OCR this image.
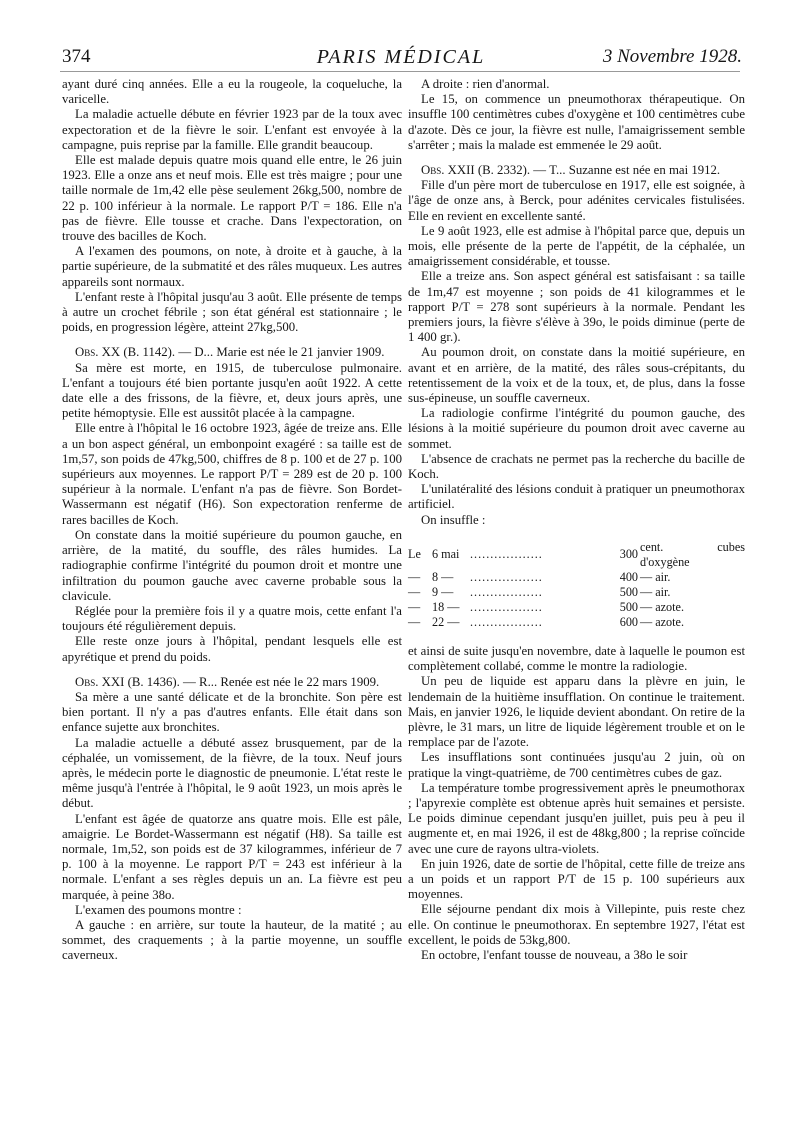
374	PARIS MÉDICAL	3 Novembre 1928.

ayant duré cinq années. Elle a eu la rougeole, la coqueluche, la varicelle.

La maladie actuelle débute en février 1923 par de la toux avec expectoration et de la fièvre le soir. L'enfant est envoyée à la campagne, puis reprise par la famille. Elle grandit beaucoup.

Elle est malade depuis quatre mois quand elle entre, le 26 juin 1923. Elle a onze ans et neuf mois. Elle est très maigre ; pour une taille normale de 1m,42 elle pèse seulement 26kg,500, nombre de 22 p. 100 inférieur à la normale. Le rapport P/T = 186. Elle n'a pas de fièvre. Elle tousse et crache. Dans l'expectoration, on trouve des bacilles de Koch.

A l'examen des poumons, on note, à droite et à gauche, à la partie supérieure, de la submatité et des râles muqueux. Les autres appareils sont normaux.

L'enfant reste à l'hôpital jusqu'au 3 août. Elle présente de temps à autre un crochet fébrile ; son état général est stationnaire ; le poids, en progression légère, atteint 27kg,500.

Obs. XX (B. 1142). — D... Marie est née le 21 janvier 1909.

Sa mère est morte, en 1915, de tuberculose pulmonaire. L'enfant a toujours été bien portante jusqu'en août 1922. A cette date elle a des frissons, de la fièvre, et, deux jours après, une petite hémoptysie. Elle est aussitôt placée à la campagne.

Elle entre à l'hôpital le 16 octobre 1923, âgée de treize ans. Elle a un bon aspect général, un embonpoint exagéré : sa taille est de 1m,57, son poids de 47kg,500, chiffres de 8 p. 100 et de 27 p. 100 supérieurs aux moyennes. Le rapport P/T = 289 est de 20 p. 100 supérieur à la normale. L'enfant n'a pas de fièvre. Son Bordet-Wassermann est négatif (H6). Son expectoration renferme de rares bacilles de Koch.

On constate dans la moitié supérieure du poumon gauche, en arrière, de la matité, du souffle, des râles humides. La radiographie confirme l'intégrité du poumon droit et montre une infiltration du poumon gauche avec caverne probable sous la clavicule.

Réglée pour la première fois il y a quatre mois, cette enfant l'a toujours été régulièrement depuis.

Elle reste onze jours à l'hôpital, pendant lesquels elle est apyrétique et prend du poids.

Obs. XXI (B. 1436). — R... Renée est née le 22 mars 1909.

Sa mère a une santé délicate et de la bronchite. Son père est bien portant. Il n'y a pas d'autres enfants. Elle était dans son enfance sujette aux bronchites.

La maladie actuelle a débuté assez brusquement, par de la céphalée, un vomissement, de la fièvre, de la toux. Neuf jours après, le médecin porte le diagnostic de pneumonie. L'état reste le même jusqu'à l'entrée à l'hôpital, le 9 août 1923, un mois après le début.

L'enfant est âgée de quatorze ans quatre mois. Elle est pâle, amaigrie. Le Bordet-Wassermann est négatif (H8). Sa taille est normale, 1m,52, son poids est de 37 kilogrammes, inférieur de 7 p. 100 à la moyenne. Le rapport P/T = 243 est inférieur à la normale. L'enfant a ses règles depuis un an. La fièvre est peu marquée, à peine 38o.

L'examen des poumons montre :

A gauche : en arrière, sur toute la hauteur, de la matité ; au sommet, des craquements ; à la partie moyenne, un souffle caverneux.

A droite : rien d'anormal.

Le 15, on commence un pneumothorax thérapeutique. On insuffle 100 centimètres cubes d'oxygène et 100 centimètres cube d'azote. Dès ce jour, la fièvre est nulle, l'amaigrissement semble s'arrêter ; mais la malade est emmenée le 29 août.

Obs. XXII (B. 2332). — T... Suzanne est née en mai 1912.

Fille d'un père mort de tuberculose en 1917, elle est soignée, à l'âge de onze ans, à Berck, pour adénites cervicales fistulisées. Elle en revient en excellente santé.

Le 9 août 1923, elle est admise à l'hôpital parce que, depuis un mois, elle présente de la perte de l'appétit, de la céphalée, un amaigrissement considérable, et tousse.

Elle a treize ans. Son aspect général est satisfaisant : sa taille de 1m,47 est moyenne ; son poids de 41 kilogrammes et le rapport P/T = 278 sont supérieurs à la normale. Pendant les premiers jours, la fièvre s'élève à 39o, le poids diminue (perte de 1 400 gr.).

Au poumon droit, on constate dans la moitié supérieure, en avant et en arrière, de la matité, des râles sous-crépitants, du retentissement de la voix et de la toux, et, de plus, dans la fosse sus-épineuse, un souffle caverneux.

La radiologie confirme l'intégrité du poumon gauche, des lésions à la moitié supérieure du poumon droit avec caverne au sommet.

L'absence de crachats ne permet pas la recherche du bacille de Koch.

L'unilatéralité des lésions conduit à pratiquer un pneumothorax artificiel.

On insuffle :

Le	6 mai	..................	300	cent. cubes d'oxygène
—	8 —	..................	400	— air.
—	9 —	..................	500	— air.
—	18 —	..................	500	— azote.
—	22 —	..................	600	— azote.

et ainsi de suite jusqu'en novembre, date à laquelle le poumon est complètement collabé, comme le montre la radiologie.

Un peu de liquide est apparu dans la plèvre en juin, le lendemain de la huitième insufflation. On continue le traitement. Mais, en janvier 1926, le liquide devient abondant. On retire de la plèvre, le 31 mars, un litre de liquide légèrement trouble et on le remplace par de l'azote.

Les insufflations sont continuées jusqu'au 2 juin, où on pratique la vingt-quatrième, de 700 centimètres cubes de gaz.

La température tombe progressivement après le pneumothorax ; l'apyrexie complète est obtenue après huit semaines et persiste. Le poids diminue cependant jusqu'en juillet, puis peu à peu il augmente et, en mai 1926, il est de 48kg,800 ; la reprise coïncide avec une cure de rayons ultra-violets.

En juin 1926, date de sortie de l'hôpital, cette fille de treize ans a un poids et un rapport P/T de 15 p. 100 supérieurs aux moyennes.

Elle séjourne pendant dix mois à Villepinte, puis reste chez elle. On continue le pneumothorax. En septembre 1927, l'état est excellent, le poids de 53kg,800.

En octobre, l'enfant tousse de nouveau, a 38o le soir
